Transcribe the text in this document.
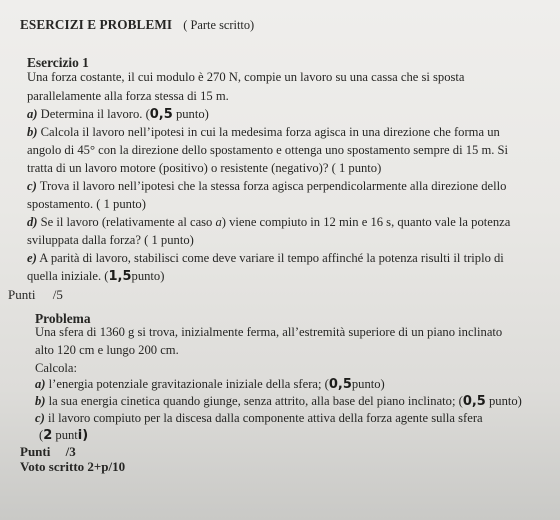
ESERCIZI E PROBLEMI ( Parte scritto)
Esercizio 1
Una forza costante, il cui modulo è 270 N, compie un lavoro su una cassa che si sposta
parallelamente alla forza stessa di 15 m.
a) Determina il lavoro. (0,5 punto)
b) Calcola il lavoro nell’ipotesi in cui la medesima forza agisca in una direzione che forma un
angolo di 45° con la direzione dello spostamento e ottenga uno spostamento sempre di 15 m. Si
tratta di un lavoro motore (positivo) o resistente (negativo)? ( 1 punto)
c) Trova il lavoro nell’ipotesi che la stessa forza agisca perpendicolarmente alla direzione dello
spostamento. ( 1 punto)
d) Se il lavoro (relativamente al caso a) viene compiuto in 12 min e 16 s, quanto vale la potenza
sviluppata dalla forza? ( 1 punto)
e) A parità di lavoro, stabilisci come deve variare il tempo affinché la potenza risulti il triplo di
quella iniziale. (1,5punto)
Punti /5
Problema
Una sfera di 1360 g si trova, inizialmente ferma, all’estremità superiore di un piano inclinato
alto 120 cm e lungo 200 cm.
Calcola:
a) l’energia potenziale gravitazionale iniziale della sfera; (0,5punto)
b) la sua energia cinetica quando giunge, senza attrito, alla base del piano inclinato; (0,5 punto)
c) il lavoro compiuto per la discesa dalla componente attiva della forza agente sulla sfera
(2 punti)
Punti /3
Voto scritto 2+p/10
